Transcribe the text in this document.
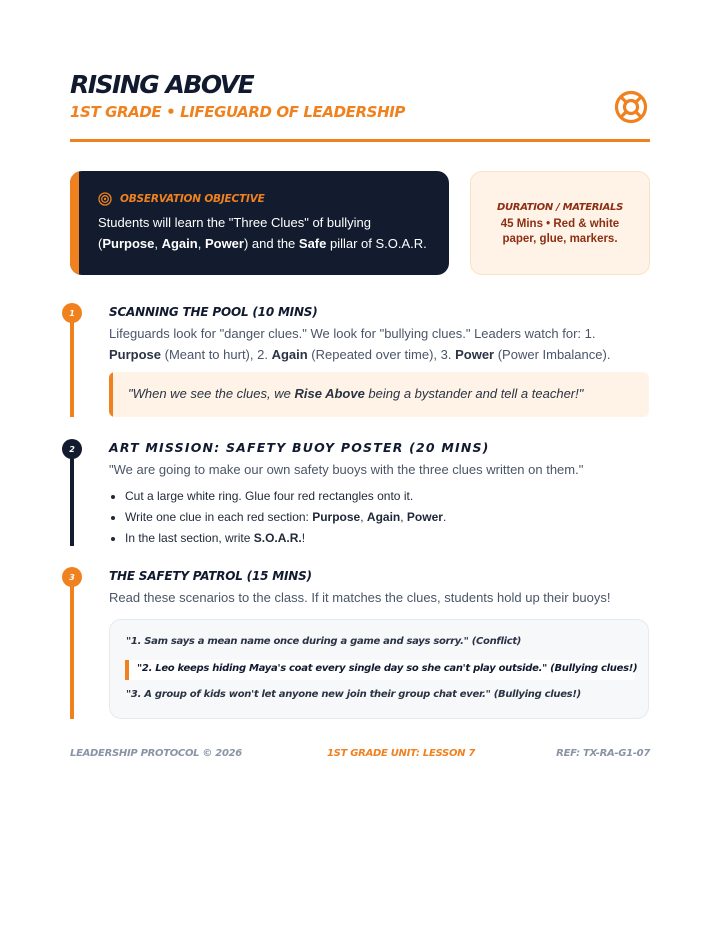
RISING ABOVE
1ST GRADE • LIFEGUARD OF LEADERSHIP
OBSERVATION OBJECTIVE
Students will learn the "Three Clues" of bullying
(Purpose, Again, Power) and the Safe pillar of S.O.A.R.
DURATION / MATERIALS
45 Mins • Red & white
paper, glue, markers.
1	SCANNING THE POOL (10 MINS)
Lifeguards look for "danger clues." We look for "bullying clues." Leaders watch for: 1.
Purpose (Meant to hurt), 2. Again (Repeated over time), 3. Power (Power Imbalance).
"When we see the clues, we Rise Above being a bystander and tell a teacher!"
2	ART MISSION: SAFETY BUOY POSTER (20 MINS)
"We are going to make our own safety buoys with the three clues written on them."
Cut a large white ring. Glue four red rectangles onto it.
Write one clue in each red section: Purpose, Again, Power.
In the last section, write S.O.A.R.!
3	THE SAFETY PATROL (15 MINS)
Read these scenarios to the class. If it matches the clues, students hold up their buoys!
"1. Sam says a mean name once during a game and says sorry." (Conflict)
"2. Leo keeps hiding Maya's coat every single day so she can't play outside." (Bullying clues!)
"3. A group of kids won't let anyone new join their group chat ever." (Bullying clues!)
LEADERSHIP PROTOCOL © 2026	1ST GRADE UNIT: LESSON 7	REF: TX-RA-G1-07
